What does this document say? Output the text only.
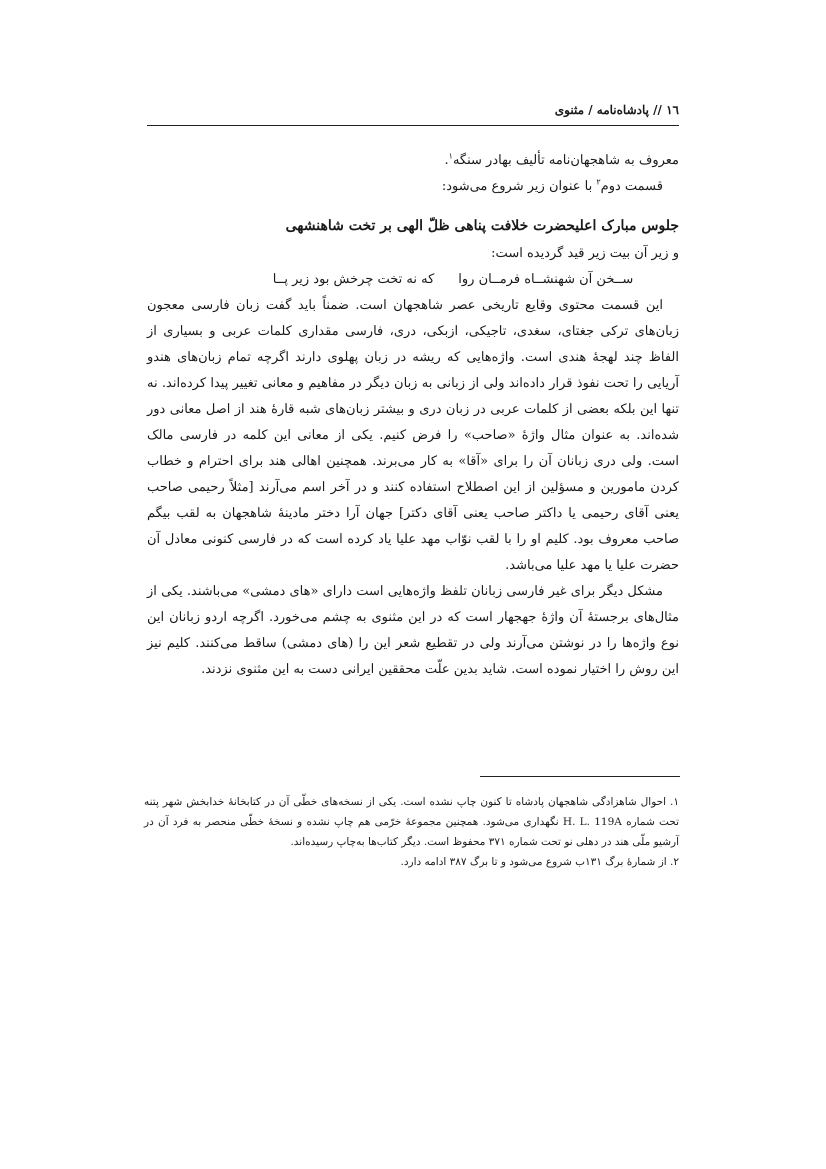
١٦ // پادشاه‌نامه / مثنوی

معروف به شاهجهان‌نامه تألیف بهادر سنگه$^۱$.

قسمت دوم$^۲$ با عنوان زیر شروع می‌شود:

جلوس مبارک اعلیحضرت خلافت پناهی ظلّ الهی بر تخت شاهنشهی

و زیر آن بیت زیر قید گردیده است:

ســخن آن شهنشــاه فرمــان رواکه نه تخت چرخش بود زیر پــا

این قسمت محتوی وقایع تاریخی عصر شاهجهان است. ضمناً باید گفت زبان فارسی معجون زبان‌های ترکی جغتای، سغدی، تاجیکی، ازبکی، دری، فارسی مقداری کلمات عربی و بسیاری از الفاظ چند لهجهٔ هندی است. واژه‌هایی که ریشه در زبان پهلوی دارند اگرچه تمام زبان‌های هندو آریایی را تحت نفوذ قرار داده‌اند ولی از زبانی به زبان دیگر در مفاهیم و معانی تغییر پیدا کرده‌اند. نه تنها این بلکه بعضی از کلمات عربی در زبان دری و بیشتر زبان‌های شبه قارهٔ هند از اصل معانی دور شده‌اند. به عنوان مثال واژهٔ «صاحب» را فرض کنیم. یکی از معانی این کلمه در فارسی مالک است. ولی دری زبانان آن را برای «آقا» به کار می‌برند. همچنین اهالی هند برای احترام و خطاب کردن مامورین و مسؤلین از این اصطلاح استفاده کنند و در آخر اسم می‌آرند [مثلاً رحیمی صاحب یعنی آقای رحیمی یا داکتر صاحب یعنی آقای دکتر] جهان آرا دختر مادینهٔ شاهجهان به لقب بیگم صاحب معروف بود. کلیم او را با لقب نوّاب مهد علیا یاد کرده است که در فارسی کنونی معادل آن حضرت علیا یا مهد علیا می‌باشد.

مشکل دیگر برای غیر فارسی زبانان تلفظ واژه‌هایی است دارای «های دمشی» می‌باشند. یکی از مثال‌های برجستهٔ آن واژهٔ جهجهار است که در این مثنوی به چشم می‌خورد. اگرچه اردو زبانان این نوع واژه‌ها را در نوشتن می‌آرند ولی در تقطیع شعر این را (های دمشی) ساقط می‌کنند. کلیم نیز این روش را اختیار نموده است. شاید بدین علّت محققین ایرانی دست به این مثنوی نزدند.

۱. احوال شاهزادگی شاهجهان پادشاه تا کنون چاپ نشده است. یکی از نسخه‌های خطّی آن در کتابخانهٔ خدابخش شهر پتنه تحت شماره H. L. 119A نگهداری می‌شود. همچنین مجموعهٔ خرّمی هم چاپ نشده و نسخهٔ خطّی منحصر به فرد آن در آرشیو ملّی هند در دهلی نو تحت شماره ۳۷۱ محفوظ است. دیگر کتاب‌ها به‌چاپ رسیده‌اند.

۲. از شمارهٔ برگ ۱۳۱ب شروع می‌شود و تا برگ ۳۸۷ ادامه دارد.
